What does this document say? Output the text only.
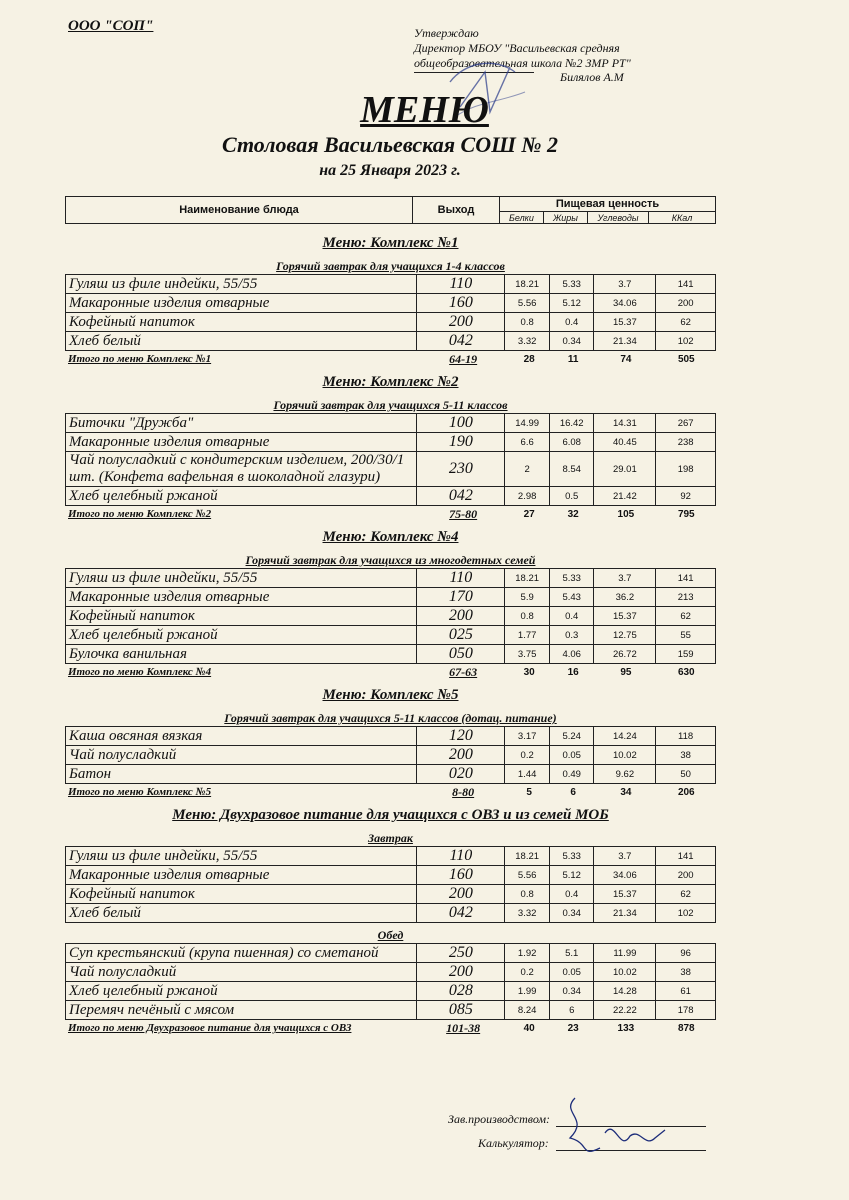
ООО "СОП"	Утверждаю
Директор МБОУ "Васильевская средняя
общеобразовательная школа №2 ЗМР РТ"
Билялов А.М
МЕНЮ
Столовая Васильевская СОШ № 2
на 25 Января 2023 г.
Наименование блюда	Выход	Пищевая ценность			
		Белки	Жиры	Углеводы	ККал
Меню: Комплекс №1
Горячий завтрак для учащихся 1-4 классов
Гуляш из филе индейки, 55/55	110	18.21	5.33	3.7	141
Макаронные изделия отварные	160	5.56	5.12	34.06	200
Кофейный напиток	200	0.8	0.4	15.37	62
Хлеб белый	042	3.32	0.34	21.34	102
Итого по меню Комплекс №1	64-19	28	11	74	505
Меню: Комплекс №2
Горячий завтрак для учащихся 5-11 классов
Биточки "Дружба"	100	14.99	16.42	14.31	267
Макаронные изделия отварные	190	6.6	6.08	40.45	238
Чай полусладкий с кондитерским изделием, 200/30/1 шт. (Конфета вафельная в шоколадной глазури)	230	2	8.54	29.01	198
Хлеб целебный ржаной	042	2.98	0.5	21.42	92
Итого по меню Комплекс №2	75-80	27	32	105	795
Меню: Комплекс №4
Горячий завтрак для учащихся из многодетных семей
Гуляш из филе индейки, 55/55	110	18.21	5.33	3.7	141
Макаронные изделия отварные	170	5.9	5.43	36.2	213
Кофейный напиток	200	0.8	0.4	15.37	62
Хлеб целебный ржаной	025	1.77	0.3	12.75	55
Булочка ванильная	050	3.75	4.06	26.72	159
Итого по меню Комплекс №4	67-63	30	16	95	630
Меню: Комплекс №5
Горячий завтрак для учащихся 5-11 классов (дотац. питание)
Каша овсяная вязкая	120	3.17	5.24	14.24	118
Чай полусладкий	200	0.2	0.05	10.02	38
Батон	020	1.44	0.49	9.62	50
Итого по меню Комплекс №5	8-80	5	6	34	206
Меню: Двухразовое питание для учащихся с ОВЗ и из семей МОБ
Завтрак
Гуляш из филе индейки, 55/55	110	18.21	5.33	3.7	141
Макаронные изделия отварные	160	5.56	5.12	34.06	200
Кофейный напиток	200	0.8	0.4	15.37	62
Хлеб белый	042	3.32	0.34	21.34	102
Обед
Суп крестьянский (крупа пшенная) со сметаной	250	1.92	5.1	11.99	96
Чай полусладкий	200	0.2	0.05	10.02	38
Хлеб целебный ржаной	028	1.99	0.34	14.28	61
Перемяч печёный с мясом	085	8.24	6	22.22	178
Итого по меню Двухразовое питание для учащихся с ОВЗ	101-38	40	23	133	878
Зав.производством:
Калькулятор:
